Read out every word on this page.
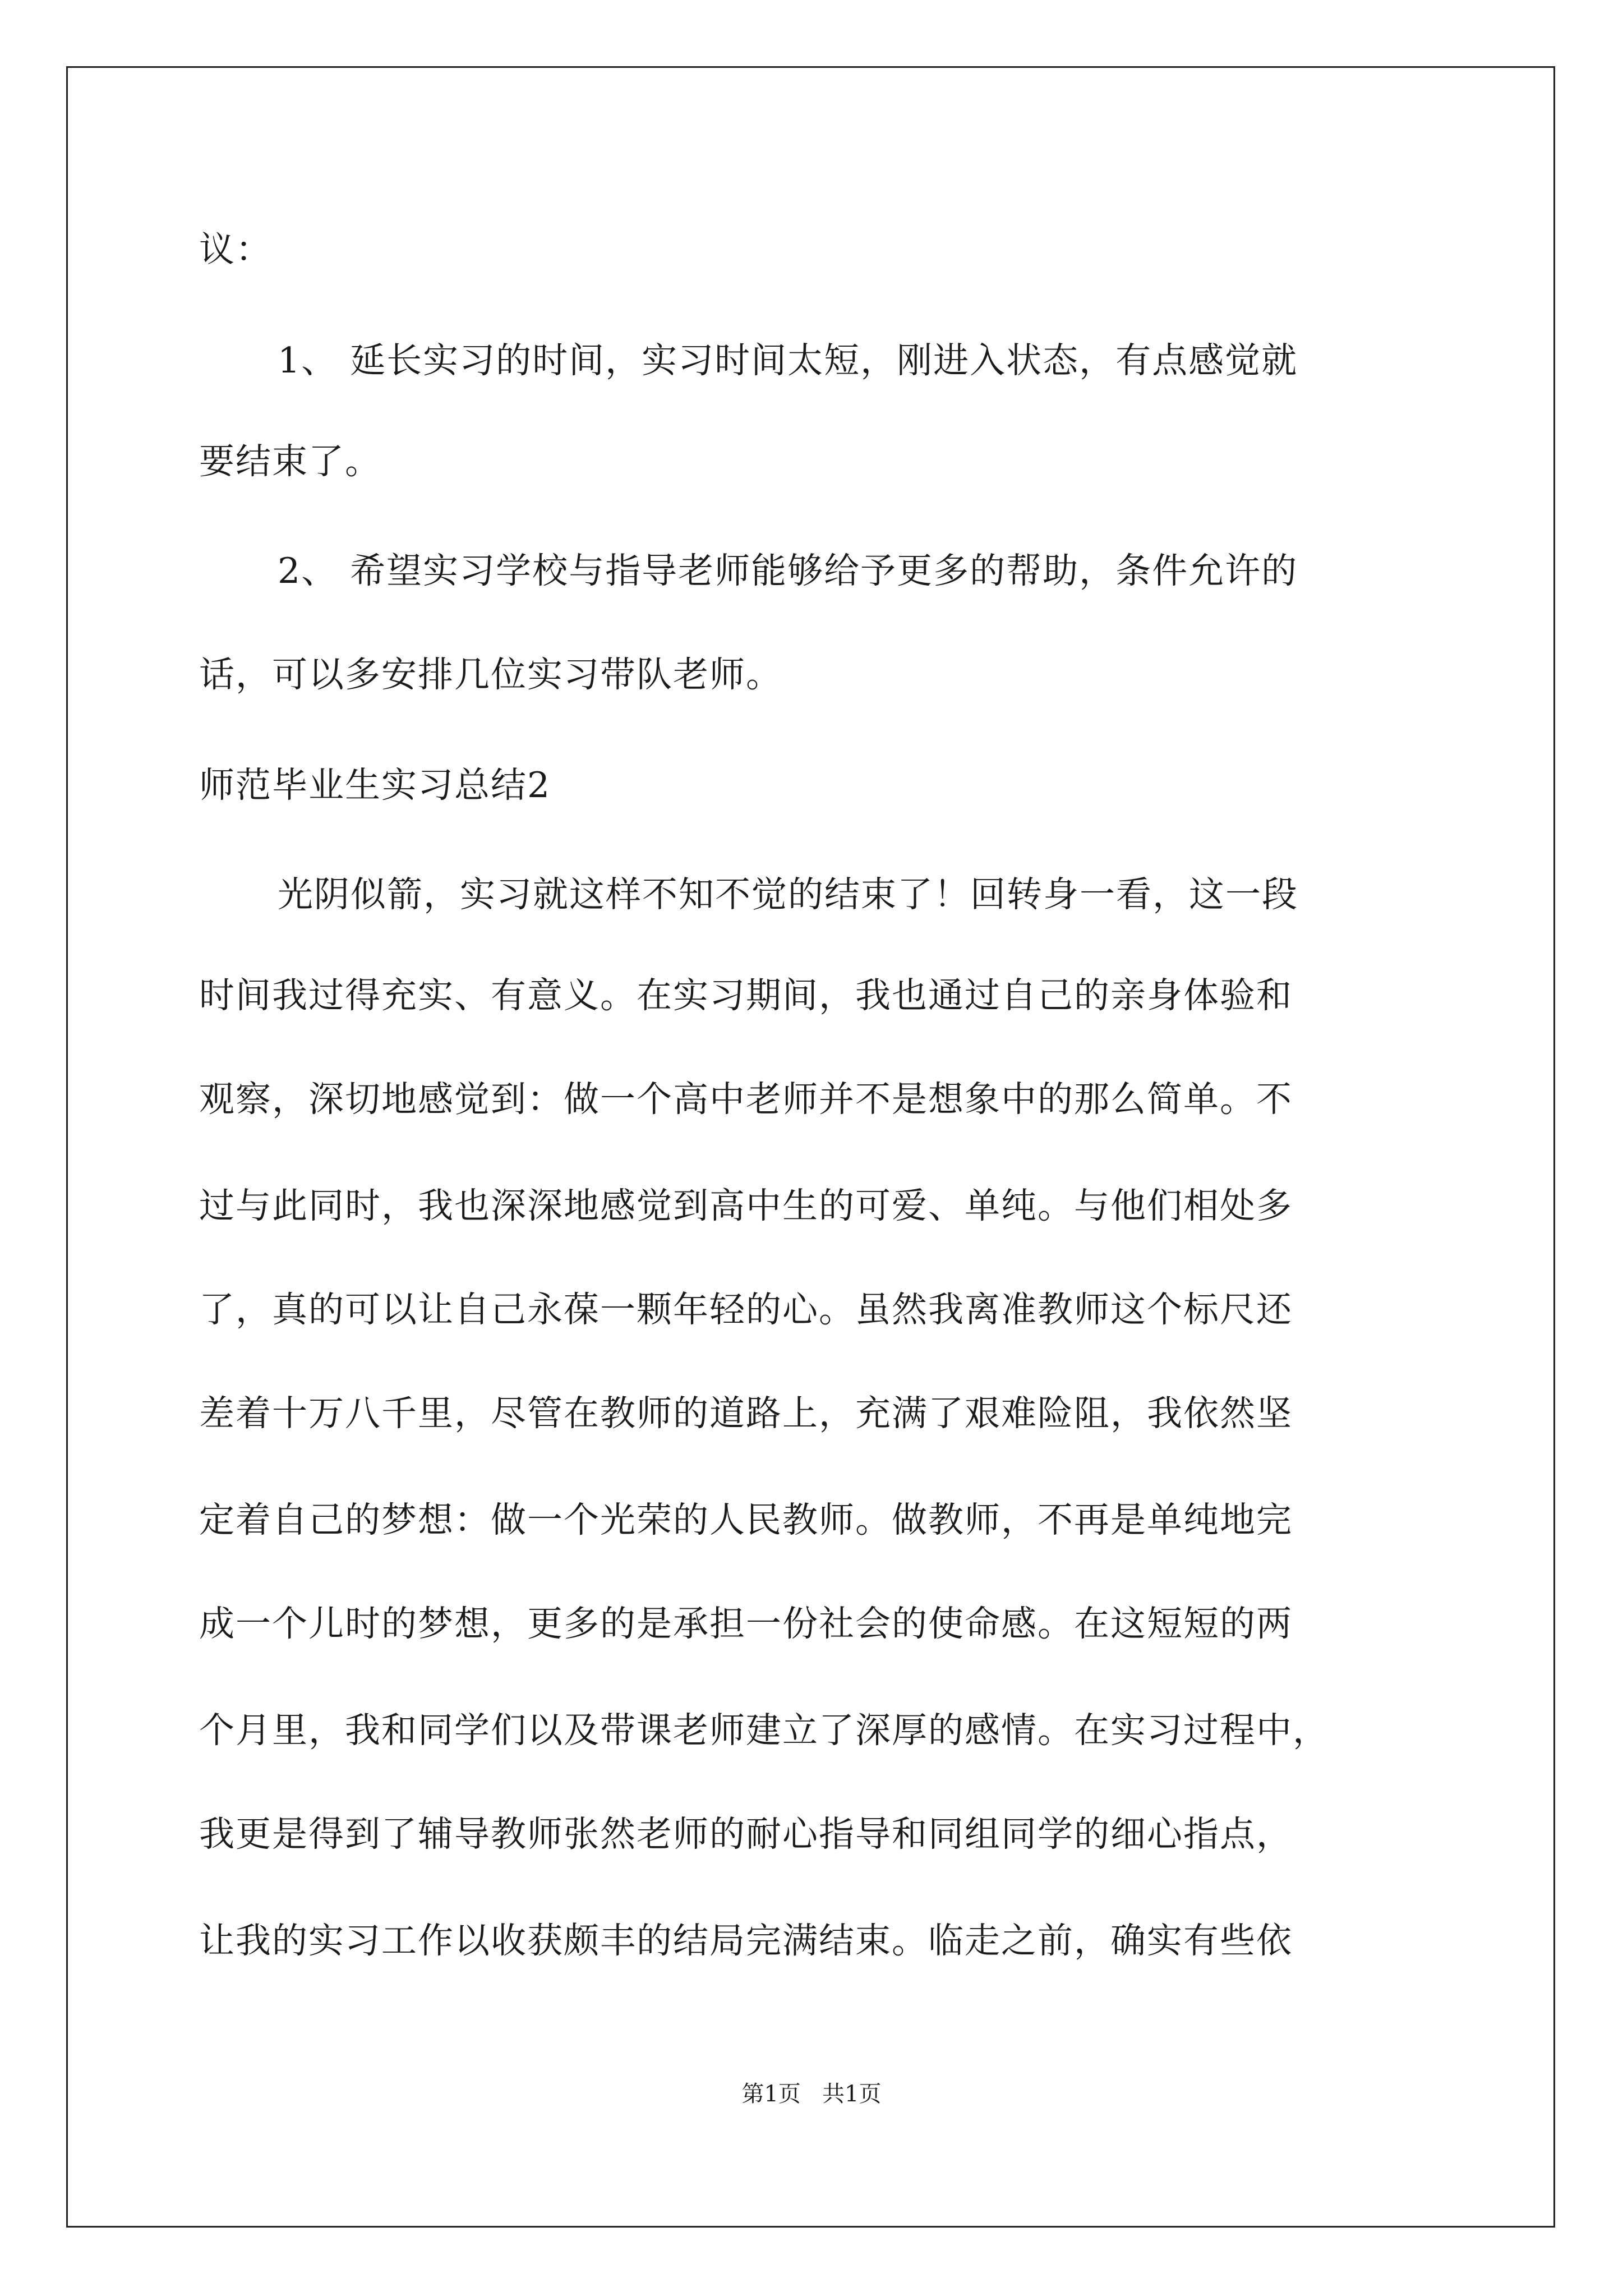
议：
1、 延长实习的时间，实习时间太短，刚进入状态，有点感觉就
要结束了。
2、 希望实习学校与指导老师能够给予更多的帮助，条件允许的
话，可以多安排几位实习带队老师。
师范毕业生实习总结2
光阴似箭，实习就这样不知不觉的结束了！回转身一看，这一段
时间我过得充实、有意义。在实习期间，我也通过自己的亲身体验和
观察，深切地感觉到：做一个高中老师并不是想象中的那么简单。不
过与此同时，我也深深地感觉到高中生的可爱、单纯。与他们相处多
了，真的可以让自己永葆一颗年轻的心。虽然我离准教师这个标尺还
差着十万八千里，尽管在教师的道路上，充满了艰难险阻，我依然坚
定着自己的梦想：做一个光荣的人民教师。做教师，不再是单纯地完
成一个儿时的梦想，更多的是承担一份社会的使命感。在这短短的两
个月里，我和同学们以及带课老师建立了深厚的感情。在实习过程中，
我更是得到了辅导教师张然老师的耐心指导和同组同学的细心指点，
让我的实习工作以收获颇丰的结局完满结束。临走之前，确实有些依
第1页   共1页
